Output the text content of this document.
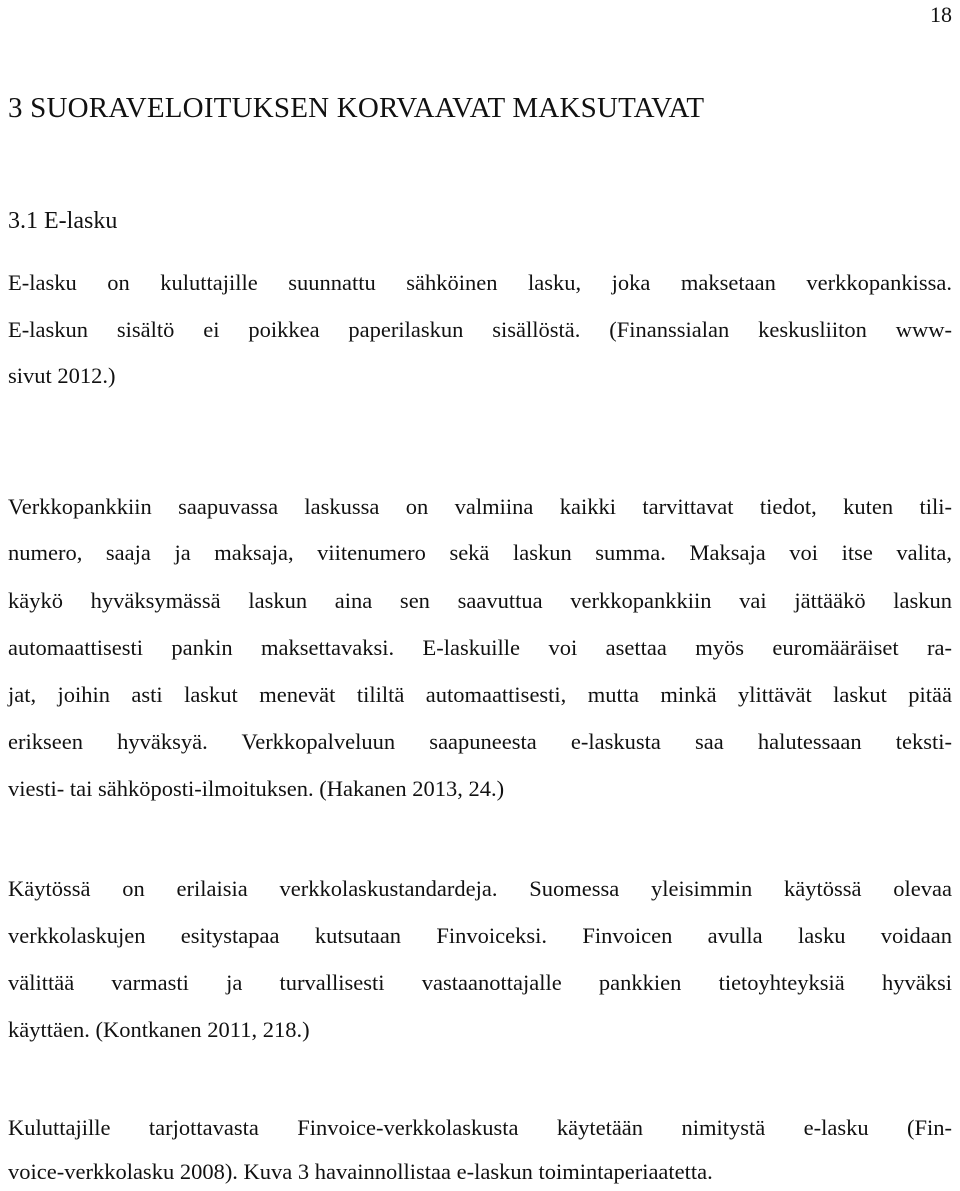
18
3 SUORAVELOITUKSEN KORVAAVAT MAKSUTAVAT
3.1 E-lasku

E-lasku on kuluttajille suunnattu sähköinen lasku, joka maksetaan verkkopankissa.

E-laskun sisältö ei poikkea paperilaskun sisällöstä. (Finanssialan keskusliiton www-

sivut 2012.)

Verkkopankkiin saapuvassa laskussa on valmiina kaikki tarvittavat tiedot, kuten tili-

numero, saaja ja maksaja, viitenumero sekä laskun summa. Maksaja voi itse valita,

käykö hyväksymässä laskun aina sen saavuttua verkkopankkiin vai jättääkö laskun

automaattisesti pankin maksettavaksi. E-laskuille voi asettaa myös euromääräiset ra-

jat, joihin asti laskut menevät tililtä automaattisesti, mutta minkä ylittävät laskut pitää

erikseen hyväksyä. Verkkopalveluun saapuneesta e-laskusta saa halutessaan teksti-

viesti- tai sähköposti-ilmoituksen. (Hakanen 2013, 24.)

Käytössä on erilaisia verkkolaskustandardeja. Suomessa yleisimmin käytössä olevaa

verkkolaskujen esitystapaa kutsutaan Finvoiceksi. Finvoicen avulla lasku voidaan

välittää varmasti ja turvallisesti vastaanottajalle pankkien tietoyhteyksiä hyväksi

käyttäen. (Kontkanen 2011, 218.)

Kuluttajille tarjottavasta Finvoice-verkkolaskusta käytetään nimitystä e-lasku (Fin-

voice-verkkolasku 2008). Kuva 3 havainnollistaa e-laskun toimintaperiaatetta.
